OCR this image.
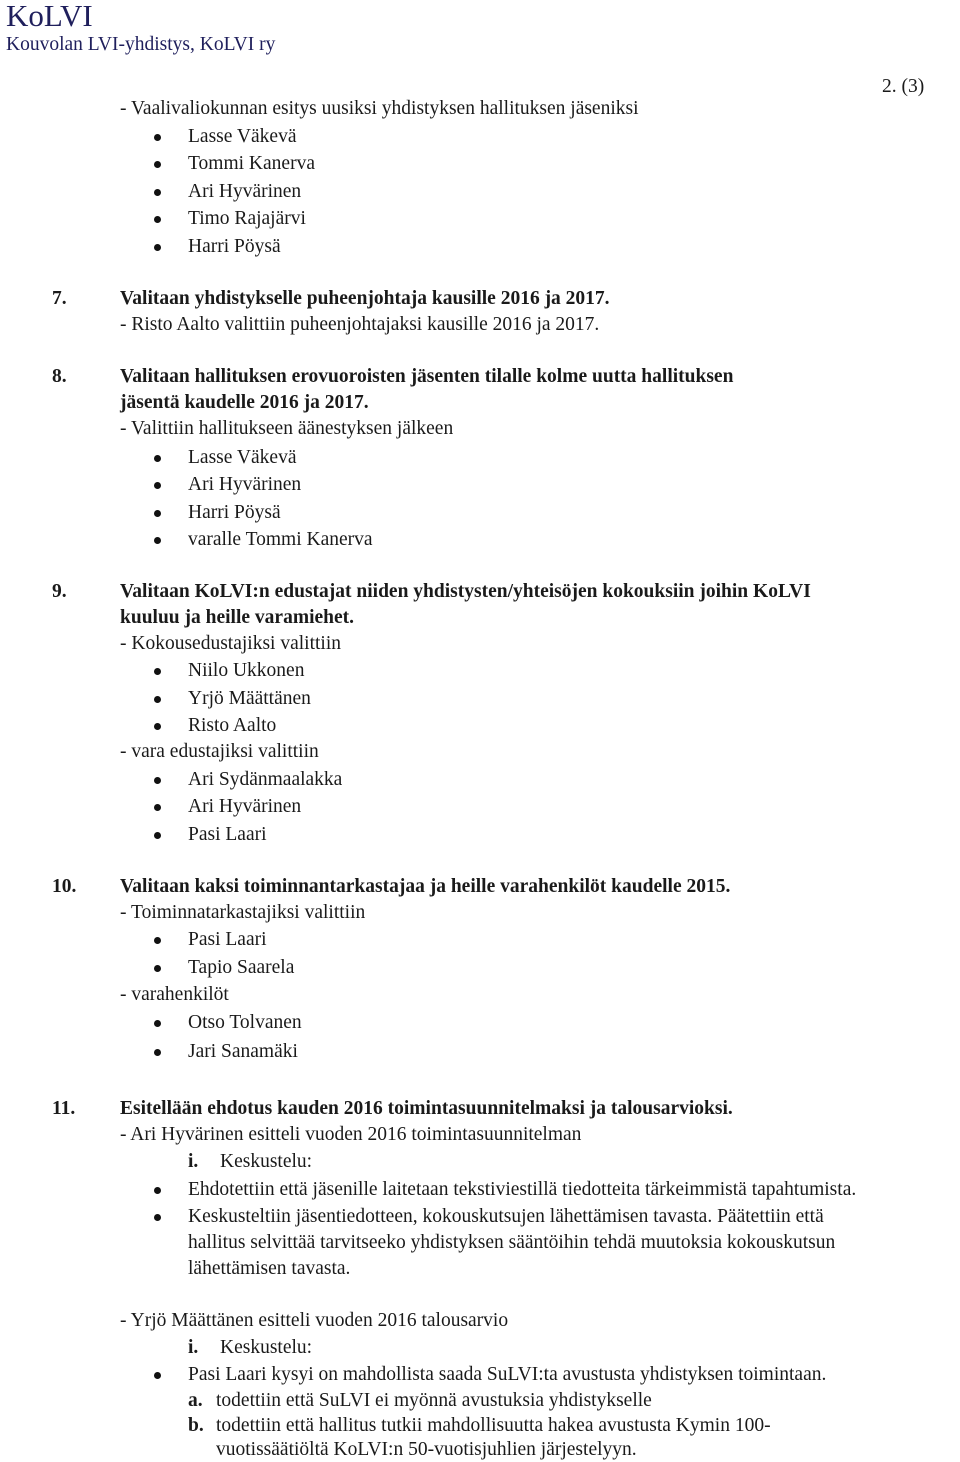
KoLVI
Kouvolan LVI-yhdistys, KoLVI ry
2. (3)
- Vaalivaliokunnan esitys uusiksi yhdistyksen hallituksen jäseniksi
Lasse Väkevä
Tommi Kanerva
Ari Hyvärinen
Timo Rajajärvi
Harri Pöysä
7.	Valitaan yhdistykselle puheenjohtaja kausille 2016 ja 2017.
- Risto Aalto valittiin puheenjohtajaksi kausille 2016 ja 2017.
8.	Valitaan hallituksen erovuoroisten jäsenten tilalle kolme uutta hallituksen
jäsentä kaudelle 2016 ja 2017.
- Valittiin hallitukseen äänestyksen jälkeen
Lasse Väkevä
Ari Hyvärinen
Harri Pöysä
varalle Tommi Kanerva
9.	Valitaan KoLVI:n edustajat niiden yhdistysten/yhteisöjen kokouksiin joihin KoLVI
kuuluu ja heille varamiehet.
- Kokousedustajiksi valittiin
Niilo Ukkonen
Yrjö Määttänen
Risto Aalto
- vara edustajiksi valittiin
Ari Sydänmaalakka
Ari Hyvärinen
Pasi Laari
10. Valitaan kaksi toiminnantarkastajaa ja heille varahenkilöt kaudelle 2015.
- Toiminnatarkastajiksi valittiin
Pasi Laari
Tapio Saarela
- varahenkilöt
Otso Tolvanen
Jari Sanamäki
11. Esitellään ehdotus kauden 2016 toimintasuunnitelmaksi ja talousarvioksi.
- Ari Hyvärinen esitteli vuoden 2016 toimintasuunnitelman
i. Keskustelu:
Ehdotettiin että jäsenille laitetaan tekstiviestillä tiedotteita tärkeimmistä tapahtumista.
Keskusteltiin jäsentiedotteen, kokouskutsujen lähettämisen tavasta. Päätettiin että
hallitus selvittää tarvitseeko yhdistyksen sääntöihin tehdä muutoksia kokouskutsun
lähettämisen tavasta.
- Yrjö Määttänen esitteli vuoden 2016 talousarvio
i. Keskustelu:
Pasi Laari kysyi on mahdollista saada SuLVI:ta avustusta yhdistyksen toimintaan.
a. todettiin että SuLVI ei myönnä avustuksia yhdistykselle
b. todettiin että hallitus tutkii mahdollisuutta hakea avustusta Kymin 100-
vuotissäätiöltä KoLVI:n 50-vuotisjuhlien järjestelyyn.
